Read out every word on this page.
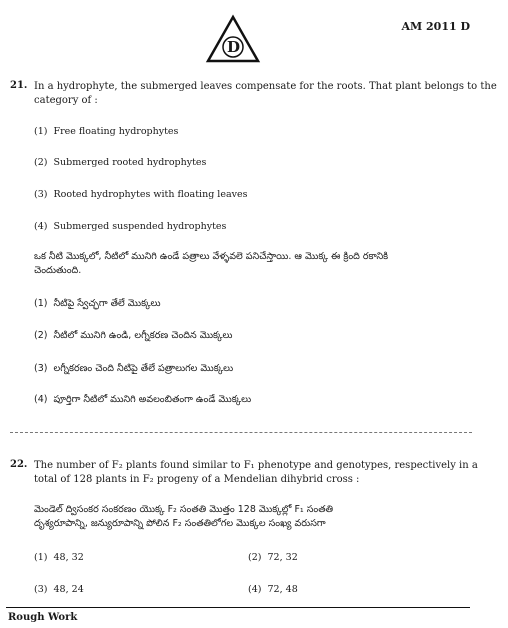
D
AM 2011 D
21. In a hydrophyte, the submerged leaves compensate for the roots. That plant belongs to the
category of :
(1) Free floating hydrophytes
(2) Submerged rooted hydrophytes
(3) Rooted hydrophytes with floating leaves
(4) Submerged suspended hydrophytes
ఒక నీటి మొక్కలో, నీటిలో మునిగి ఉండే పత్రాలు వేళ్ళవలె పనిచేస్తాయి. ఆ మొక్క ఈ క్రింది రకానికి
చెందుతుంది.
(1) నీటిపై స్వేచ్ఛగా తేలే మొక్కలు
(2) నీటిలో మునిగి ఉండి, లగ్నీకరణ చెందిన మొక్కలు
(3) లగ్నీకరణం చెంది నీటిపై తేలే పత్రాలుగల మొక్కలు
(4) పూర్తిగా నీటిలో మునిగి అవలంబితంగా ఉండే మొక్కలు
22. The number of F₂ plants found similar to F₁ phenotype and genotypes, respectively in a
total of 128 plants in F₂ progeny of a Mendelian dihybrid cross :
మెండెల్ ద్విసంకర సంకరణం యొక్క F₂ సంతతి మొత్తం 128 మొక్కల్లో F₁ సంతతి
దృశ్యరూపాన్ని, జన్యురూపాన్ని పోలిన F₂ సంతతిలోగల మొక్కల సంఖ్య వరుసగా
(1) 48, 32	(2) 72, 32
(3) 48, 24	(4) 72, 48
Rough Work
